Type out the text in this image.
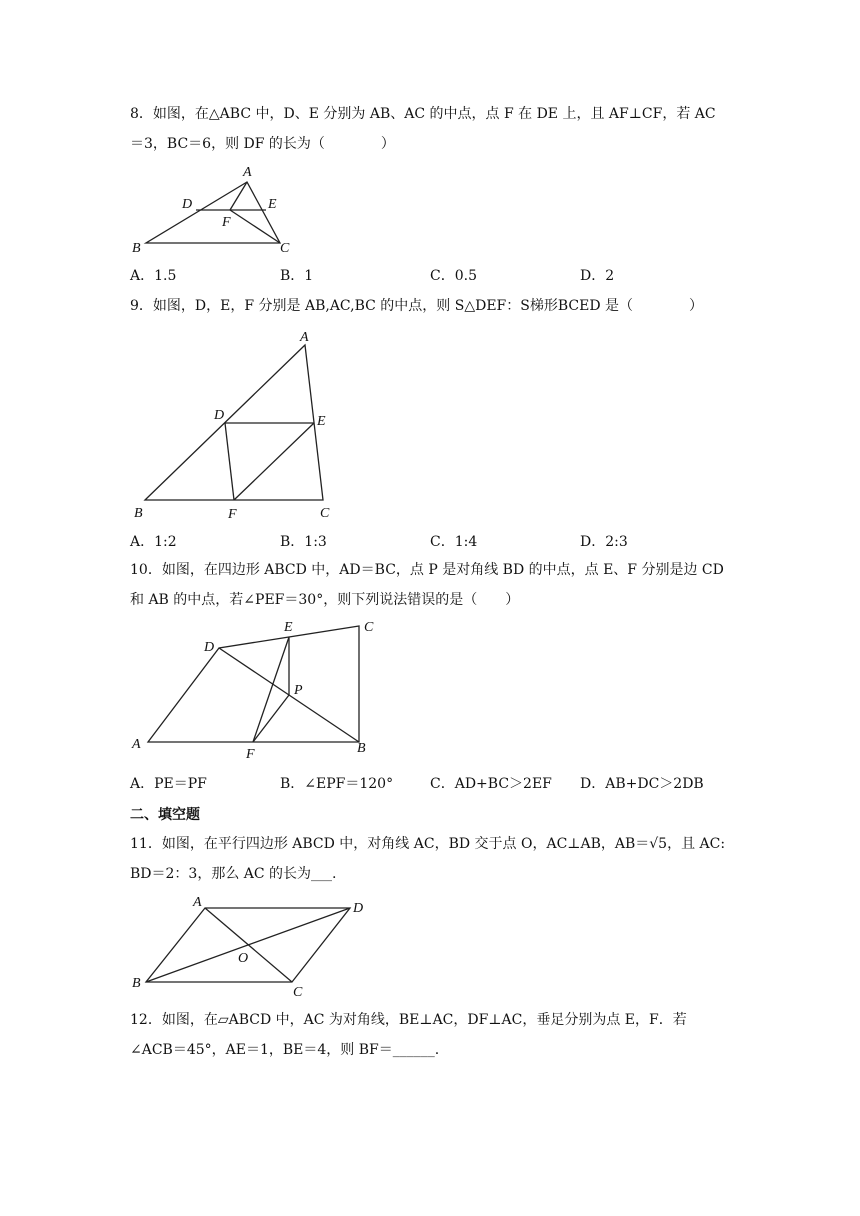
8．如图，在△ABC 中，D、E 分别为 AB、AC 的中点，点 F 在 DE 上，且 AF⊥CF，若 AC
＝3，BC＝6，则 DF 的长为（　　　　）
A
B	C
D	E
F
A．1.5	B．1	C．0.5	D．2
9．如图，D，E，F 分别是 AB,AC,BC 的中点，则 S△DEF：S梯形BCED 是（　　　　）
A
B	C
D	E
F
A．1:2	B．1:3	C．1:4	D．2:3
10．如图，在四边形 ABCD 中，AD＝BC，点 P 是对角线 BD 的中点，点 E、F 分别是边 CD
和 AB 的中点，若∠PEF＝30°，则下列说法错误的是（　　）
A	B
C
D
E
F
P
A．PE＝PF	B．∠EPF＝120°	C．AD+BC＞2EF D．AB+DC＞2DB
二、填空题
11．如图，在平行四边形 ABCD 中，对角线 AC，BD 交于点 O，AC⊥AB，AB＝√5，且 AC:
BD＝2：3，那么 AC 的长为___.
A
B
C
D
O
12．如图，在▱ABCD 中，AC 为对角线，BE⊥AC，DF⊥AC，垂足分别为点 E，F．若
∠ACB＝45°，AE＝1，BE＝4，则 BF＝______.
